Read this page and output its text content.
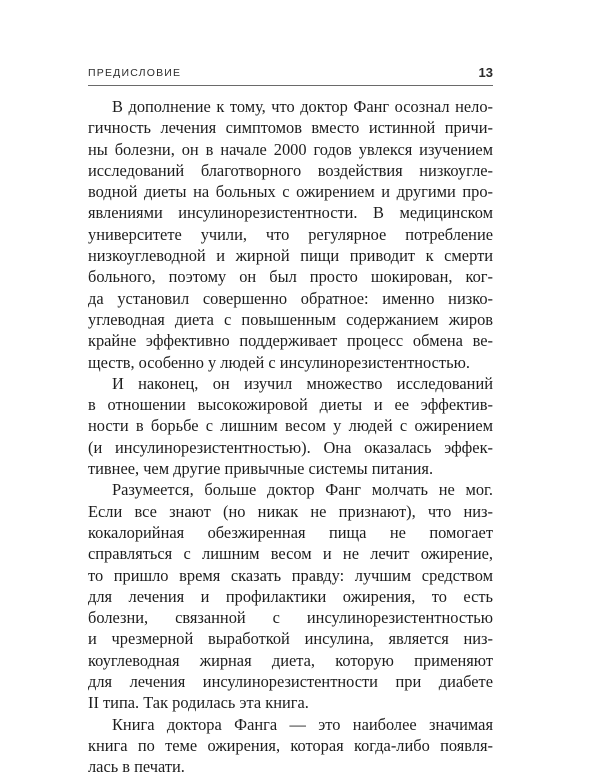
ПРЕДИСЛОВИЕ	13
В дополнение к тому, что доктор Фанг осознал нело-
гичность лечения симптомов вместо истинной причи-
ны болезни, он в начале 2000 годов увлекся изучением
исследований благотворного воздействия низкоугле-
водной диеты на больных с ожирением и другими про-
явлениями инсулинорезистентности. В медицинском
университете учили, что регулярное потребление
низкоуглеводной и жирной пищи приводит к смерти
больного, поэтому он был просто шокирован, ког-
да установил совершенно обратное: именно низко-
углеводная диета с повышенным содержанием жиров
крайне эффективно поддерживает процесс обмена ве-
ществ, особенно у людей с инсулинорезистентностью.
И наконец, он изучил множество исследований
в отношении высокожировой диеты и ее эффектив-
ности в борьбе с лишним весом у людей с ожирением
(и инсулинорезистентностью). Она оказалась эффек-
тивнее, чем другие привычные системы питания.
Разумеется, больше доктор Фанг молчать не мог.
Если все знают (но никак не признают), что низ-
кокалорийная обезжиренная пища не помогает
справляться с лишним весом и не лечит ожирение,
то пришло время сказать правду: лучшим средством
для лечения и профилактики ожирения, то есть
болезни, связанной с инсулинорезистентностью
и чрезмерной выработкой инсулина, является низ-
коуглеводная жирная диета, которую применяют
для лечения инсулинорезистентности при диабете
II типа. Так родилась эта книга.
Книга доктора Фанга — это наиболее значимая
книга по теме ожирения, которая когда-либо появля-
лась в печати.
